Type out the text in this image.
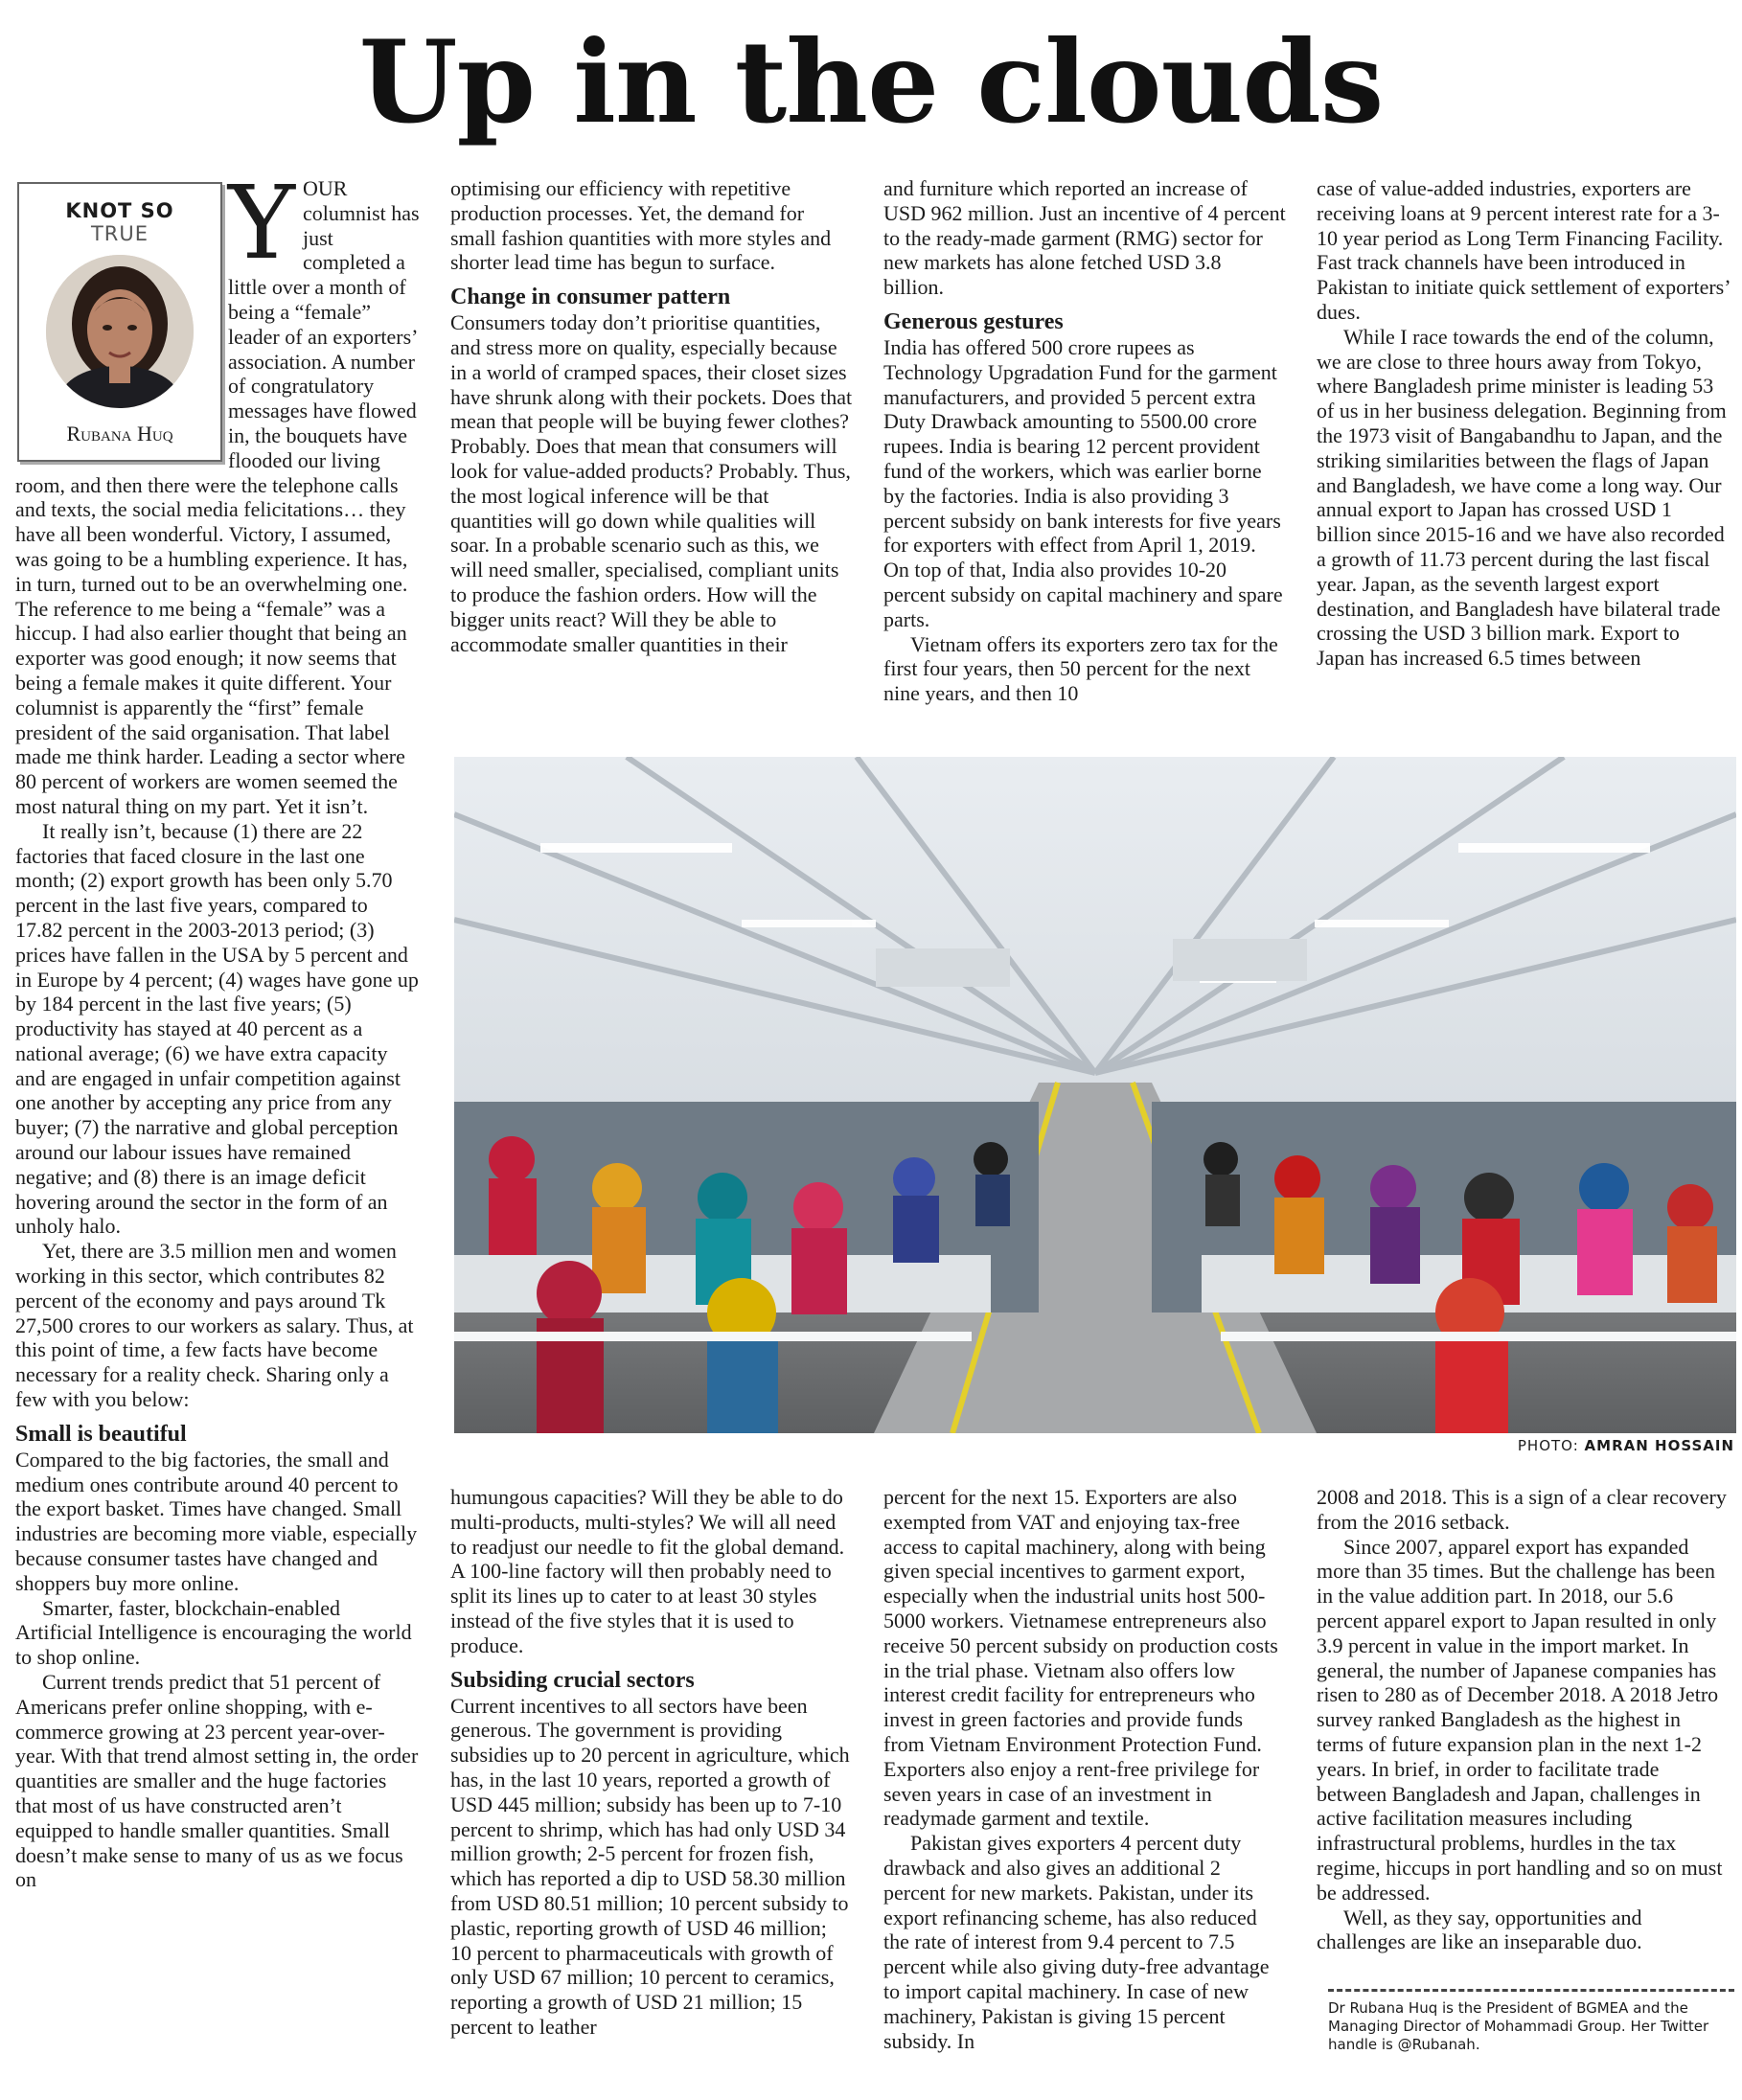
Up in the clouds
KNOT SO
TRUE
Rubana Huq
Y OUR columnist has just completed a little over a month of being a “female” leader of an exporters’ association. A number of congratulatory messages have flowed in, the bouquets have flooded our living room, and then there were the telephone calls and texts, the social media felicitations… they have all been wonderful. Victory, I assumed, was going to be a humbling experience. It has, in turn, turned out to be an overwhelming one. The reference to me being a “female” was a hiccup. I had also earlier thought that being an exporter was good enough; it now seems that being a female makes it quite different. Your columnist is apparently the “first” female president of the said organisation. That label made me think harder. Leading a sector where 80 percent of workers are women seemed the most natural thing on my part. Yet it isn’t.

It really isn’t, because (1) there are 22 factories that faced closure in the last one month; (2) export growth has been only 5.70 percent in the last five years, compared to 17.82 percent in the 2003-2013 period; (3) prices have fallen in the USA by 5 percent and in Europe by 4 percent; (4) wages have gone up by 184 percent in the last five years; (5) productivity has stayed at 40 percent as a national average; (6) we have extra capacity and are engaged in unfair competition against one another by accepting any price from any buyer; (7) the narrative and global perception around our labour issues have remained negative; and (8) there is an image deficit hovering around the sector in the form of an unholy halo.

Yet, there are 3.5 million men and women working in this sector, which contributes 82 percent of the economy and pays around Tk 27,500 crores to our workers as salary. Thus, at this point of time, a few facts have become necessary for a reality check. Sharing only a few with you below:

Small is beautiful

Compared to the big factories, the small and medium ones contribute around 40 percent to the export basket. Times have changed. Small industries are becoming more viable, especially because consumer tastes have changed and shoppers buy more online.

Smarter, faster, blockchain-enabled Artificial Intelligence is encouraging the world to shop online.

Current trends predict that 51 percent of Americans prefer online shopping, with e-commerce growing at 23 percent year-over-year. With that trend almost setting in, the order quantities are smaller and the huge factories that most of us have constructed aren’t equipped to handle smaller quantities. Small doesn’t make sense to many of us as we focus on

optimising our efficiency with repetitive production processes. Yet, the demand for small fashion quantities with more styles and shorter lead time has begun to surface.

Change in consumer pattern

Consumers today don’t prioritise quantities, and stress more on quality, especially because in a world of cramped spaces, their closet sizes have shrunk along with their pockets. Does that mean that people will be buying fewer clothes? Probably. Does that mean that consumers will look for value-added products? Probably. Thus, the most logical inference will be that quantities will go down while qualities will soar. In a probable scenario such as this, we will need smaller, specialised, compliant units to produce the fashion orders. How will the bigger units react? Will they be able to accommodate smaller quantities in their

and furniture which reported an increase of USD 962 million. Just an incentive of 4 percent to the ready-made garment (RMG) sector for new markets has alone fetched USD 3.8 billion.

Generous gestures

India has offered 500 crore rupees as Technology Upgradation Fund for the garment manufacturers, and provided 5 percent extra Duty Drawback amounting to 5500.00 crore rupees. India is bearing 12 percent provident fund of the workers, which was earlier borne by the factories. India is also providing 3 percent subsidy on bank interests for five years for exporters with effect from April 1, 2019. On top of that, India also provides 10-20 percent subsidy on capital machinery and spare parts.

Vietnam offers its exporters zero tax for the first four years, then 50 percent for the next nine years, and then 10

case of value-added industries, exporters are receiving loans at 9 percent interest rate for a 3-10 year period as Long Term Financing Facility. Fast track channels have been introduced in Pakistan to initiate quick settlement of exporters’ dues.

While I race towards the end of the column, we are close to three hours away from Tokyo, where Bangladesh prime minister is leading 53 of us in her business delegation. Beginning from the 1973 visit of Bangabandhu to Japan, and the striking similarities between the flags of Japan and Bangladesh, we have come a long way. Our annual export to Japan has crossed USD 1 billion since 2015-16 and we have also recorded a growth of 11.73 percent during the last fiscal year. Japan, as the seventh largest export destination, and Bangladesh have bilateral trade crossing the USD 3 billion mark. Export to Japan has increased 6.5 times between

PHOTO: AMRAN HOSSAIN

humungous capacities? Will they be able to do multi-products, multi-styles? We will all need to readjust our needle to fit the global demand. A 100-line factory will then probably need to split its lines up to cater to at least 30 styles instead of the five styles that it is used to produce.

Subsiding crucial sectors

Current incentives to all sectors have been generous. The government is providing subsidies up to 20 percent in agriculture, which has, in the last 10 years, reported a growth of USD 445 million; subsidy has been up to 7-10 percent to shrimp, which has had only USD 34 million growth; 2-5 percent for frozen fish, which has reported a dip to USD 58.30 million from USD 80.51 million; 10 percent subsidy to plastic, reporting growth of USD 46 million; 10 percent to pharmaceuticals with growth of only USD 67 million; 10 percent to ceramics, reporting a growth of USD 21 million; 15 percent to leather

percent for the next 15. Exporters are also exempted from VAT and enjoying tax-free access to capital machinery, along with being given special incentives to garment export, especially when the industrial units host 500-5000 workers. Vietnamese entrepreneurs also receive 50 percent subsidy on production costs in the trial phase. Vietnam also offers low interest credit facility for entrepreneurs who invest in green factories and provide funds from Vietnam Environment Protection Fund. Exporters also enjoy a rent-free privilege for seven years in case of an investment in readymade garment and textile.

Pakistan gives exporters 4 percent duty drawback and also gives an additional 2 percent for new markets. Pakistan, under its export refinancing scheme, has also reduced the rate of interest from 9.4 percent to 7.5 percent while also giving duty-free advantage to import capital machinery. In case of new machinery, Pakistan is giving 15 percent subsidy. In

2008 and 2018. This is a sign of a clear recovery from the 2016 setback.

Since 2007, apparel export has expanded more than 35 times. But the challenge has been in the value addition part. In 2018, our 5.6 percent apparel export to Japan resulted in only 3.9 percent in value in the import market. In general, the number of Japanese companies has risen to 280 as of December 2018. A 2018 Jetro survey ranked Bangladesh as the highest in terms of future expansion plan in the next 1-2 years. In brief, in order to facilitate trade between Bangladesh and Japan, challenges in active facilitation measures including infrastructural problems, hurdles in the tax regime, hiccups in port handling and so on must be addressed.

Well, as they say, opportunities and challenges are like an inseparable duo.

Dr Rubana Huq is the President of BGMEA and the Managing Director of Mohammadi Group. Her Twitter handle is @Rubanah.
